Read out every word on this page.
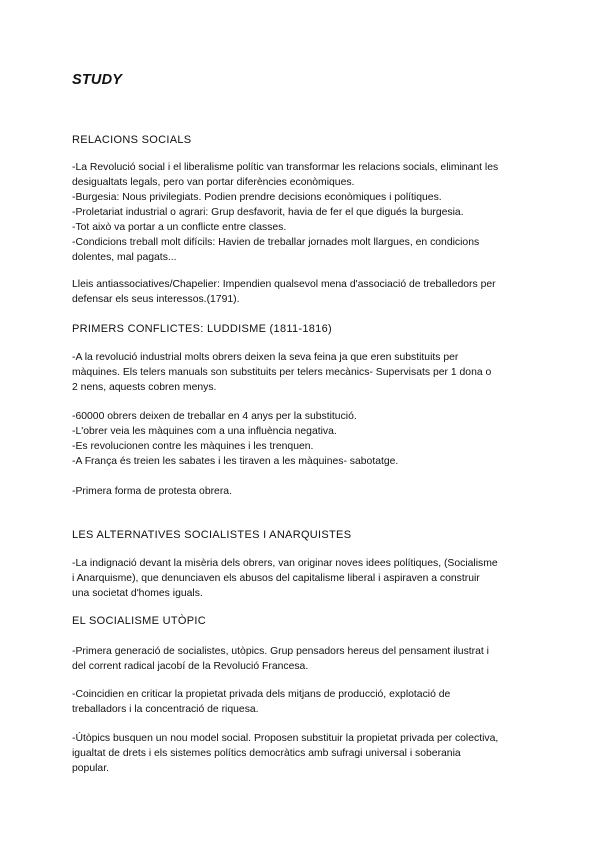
STUDY
RELACIONS SOCIALS
-La Revolució social i el liberalisme polític van transformar les relacions socials, eliminant les
desigualtats legals, pero van portar diferències econòmiques.
-Burgesia: Nous privilegiats. Podien prendre decisions econòmiques i polítiques.
-Proletariat industrial o agrari: Grup desfavorit, havia de fer el que digués la burgesia.
-Tot això va portar a un conflicte entre classes.
-Condicions treball molt difícils: Havien de treballar jornades molt llargues, en condicions
dolentes, mal pagats...
Lleis antiassociatives/Chapelier: Impendien qualsevol mena d'associació de treballedors per
defensar els seus interessos.(1791).
PRIMERS CONFLICTES: LUDDISME (1811-1816)
-A la revolució industrial molts obrers deixen la seva feina ja que eren substituits per
màquines. Els telers manuals son substituits per telers mecànics- Supervisats per 1 dona o
2 nens, aquests cobren menys.
-60000 obrers deixen de treballar en 4 anys per la substitució.
-L'obrer veia les màquines com a una influència negativa.
-Es revolucionen contre les màquines i les trenquen.
-A França és treien les sabates i les tiraven a les màquines- sabotatge.
-Primera forma de protesta obrera.
LES ALTERNATIVES SOCIALISTES I ANARQUISTES
-La indignació devant la misèria dels obrers, van originar noves idees polítiques, (Socialisme
i Anarquisme), que denunciaven els abusos del capitalisme liberal i aspiraven a construir
una societat d'homes iguals.
EL SOCIALISME UTÒPIC
-Primera generació de socialistes, utòpics. Grup pensadors hereus del pensament ilustrat i
del corrent radical jacobí de la Revolució Francesa.
-Coincidien en criticar la propietat privada dels mitjans de producció, explotació de
treballadors i la concentració de riquesa.
-Útòpics busquen un nou model social. Proposen substituir la propietat privada per colectiva,
igualtat de drets i els sistemes polítics democràtics amb sufragi universal i soberania
popular.
